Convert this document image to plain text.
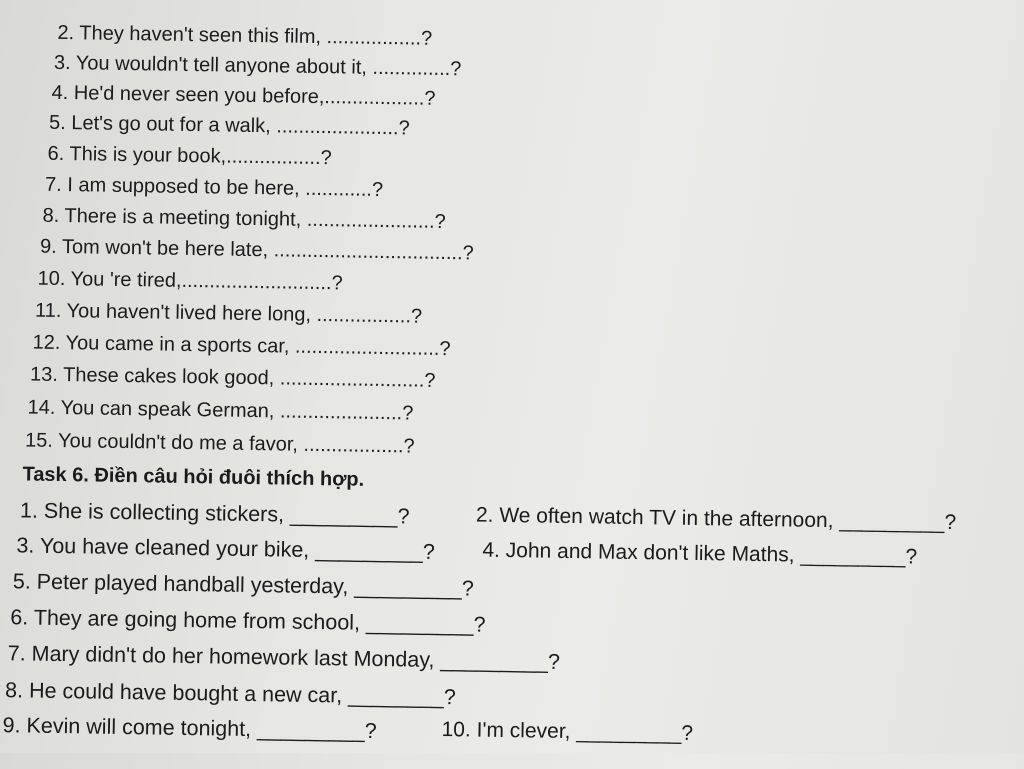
2. They haven't seen this film, .................?
3. You wouldn't tell anyone about it, ..............?
4. He'd never seen you before,..................?
5. Let's go out for a walk, ......................?
6. This is your book,.................?
7. I am supposed to be here, ............?
8. There is a meeting tonight, .......................?
9. Tom won't be here late, ..................................?
10. You 're tired,...........................?
11. You haven't lived here long, .................?
12. You came in a sports car, ..........................?
13. These cakes look good, ..........................?
14. You can speak German, ......................?
15. You couldn't do me a favor, ..................?
Task 6. Điền câu hỏi đuôi thích hợp.
1. She is collecting stickers, _________?	2. We often watch TV in the afternoon, _________?
3. You have cleaned your bike, _________? 4. John and Max don't like Maths, _________?
5. Peter played handball yesterday, _________?
6. They are going home from school, _________?
7. Mary didn't do her homework last Monday, _________?
8. He could have bought a new car, ________?
9. Kevin will come tonight, _________?	10. I'm clever, _________?
